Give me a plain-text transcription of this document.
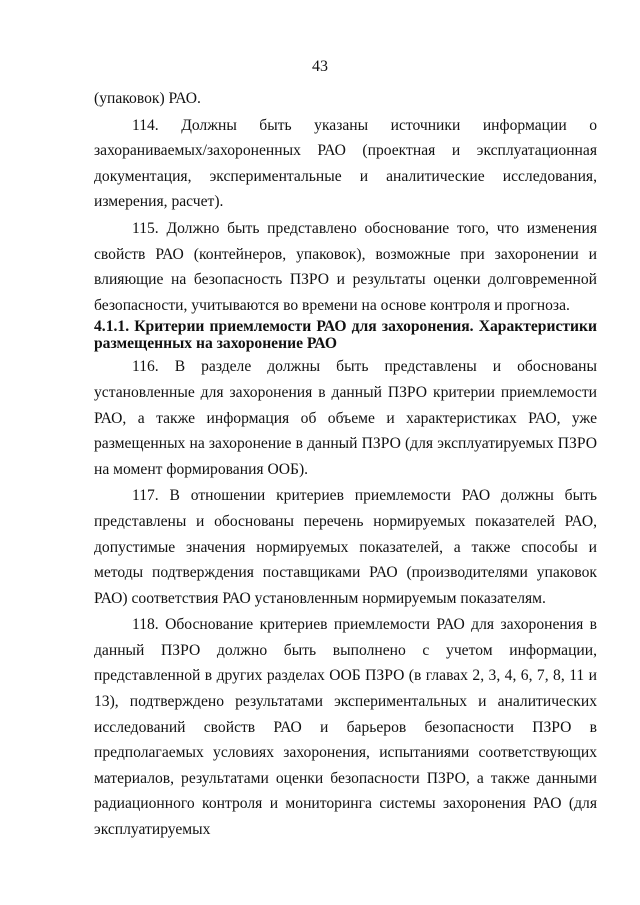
43

(упаковок) РАО.

114. Должны быть указаны источники информации о захораниваемых/захороненных РАО (проектная и эксплуатационная документация, экспериментальные и аналитические исследования, измерения, расчет).

115. Должно быть представлено обоснование того, что изменения свойств РАО (контейнеров, упаковок), возможные при захоронении и влияющие на безопасность ПЗРО и результаты оценки долговременной безопасности, учитываются во времени на основе контроля и прогноза.

4.1.1. Критерии приемлемости РАО для захоронения. Характеристики размещенных на захоронение РАО

116. В разделе должны быть представлены и обоснованы установленные для захоронения в данный ПЗРО критерии приемлемости РАО, а также информация об объеме и характеристиках РАО, уже размещенных на захоронение в данный ПЗРО (для эксплуатируемых ПЗРО на момент формирования ООБ).

117. В отношении критериев приемлемости РАО должны быть представлены и обоснованы перечень нормируемых показателей РАО, допустимые значения нормируемых показателей, а также способы и методы подтверждения поставщиками РАО (производителями упаковок РАО) соответствия РАО установленным нормируемым показателям.

118. Обоснование критериев приемлемости РАО для захоронения в данный ПЗРО должно быть выполнено с учетом информации, представленной в других разделах ООБ ПЗРО (в главах 2, 3, 4, 6, 7, 8, 11 и 13), подтверждено результатами экспериментальных и аналитических исследований свойств РАО и барьеров безопасности ПЗРО в предполагаемых условиях захоронения, испытаниями соответствующих материалов, результатами оценки безопасности ПЗРО, а также данными радиационного контроля и мониторинга системы захоронения РАО (для эксплуатируемых
